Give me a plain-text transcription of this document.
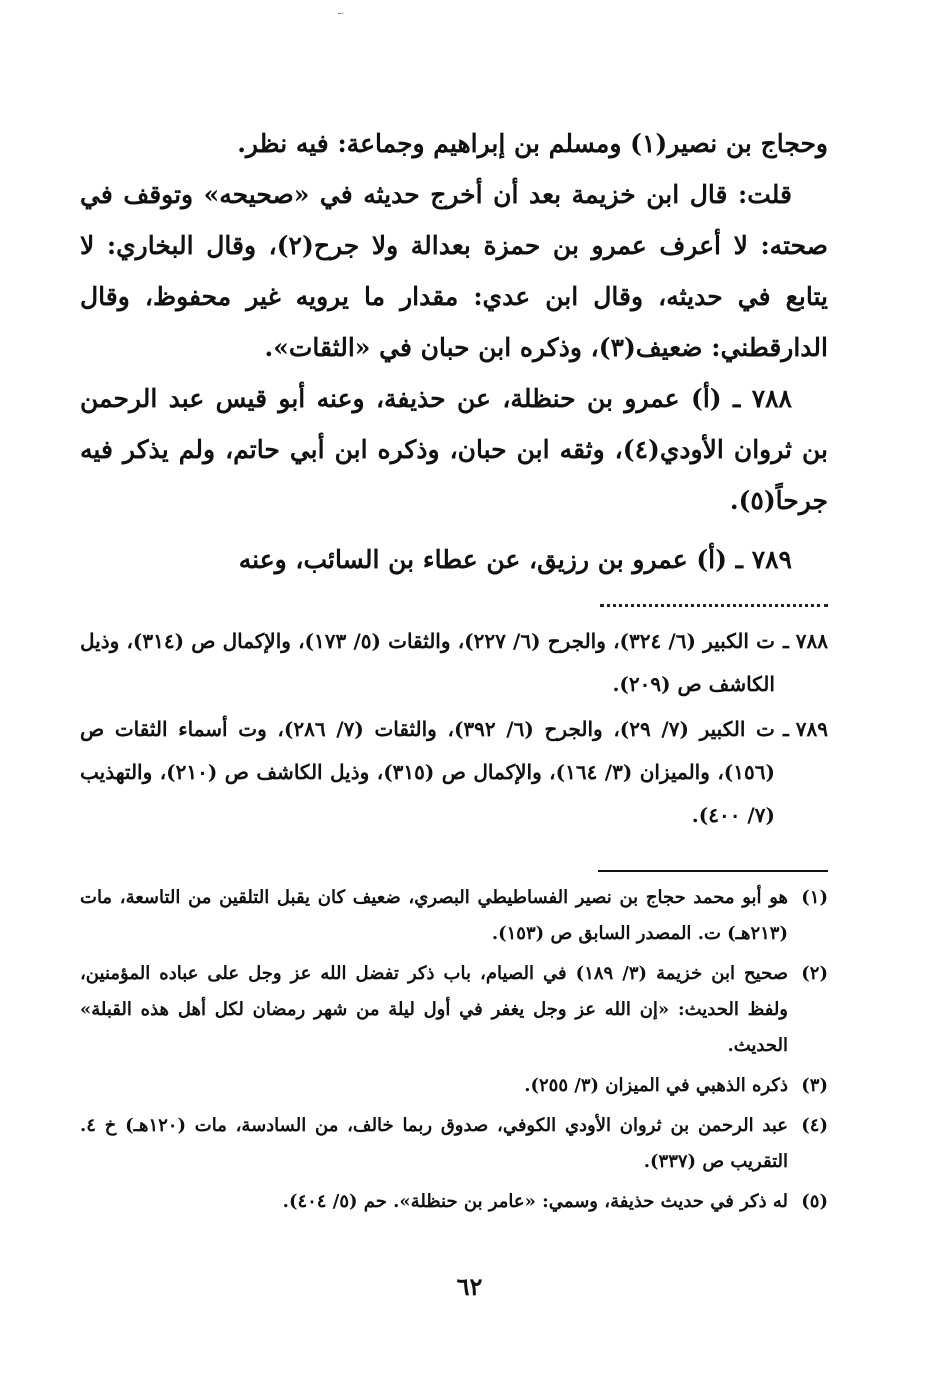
ـ.

وحجاج بن نصير(١) ومسلم بن إبراهيم وجماعة: فيه نظر.

قلت: قال ابن خزيمة بعد أن أخرج حديثه في «صحيحه» وتوقف في صحته: لا أعرف عمرو بن حمزة بعدالة ولا جرح(٢)، وقال البخاري: لا يتابع في حديثه، وقال ابن عدي: مقدار ما يرويه غير محفوظ، وقال الدارقطني: ضعيف(٣)، وذكره ابن حبان في «الثقات».

٧٨٨ ـ (أ) عمرو بن حنظلة، عن حذيفة، وعنه أبو قيس عبد الرحمن بن ثروان الأودي(٤)، وثقه ابن حبان، وذكره ابن أبي حاتم، ولم يذكر فيه جرحاً(٥).

٧٨٩ ـ (أ) عمرو بن رزيق، عن عطاء بن السائب، وعنه

٧٨٨ ـ
ت الكبير (٦/ ٣٢٤)، والجرح (٦/ ٢٢٧)، والثقات (٥/ ١٧٣)، والإكمال ص (٣١٤)، وذيل الكاشف ص (٢٠٩).
٧٨٩ ـ
ت الكبير (٧/ ٢٩)، والجرح (٦/ ٣٩٢)، والثقات (٧/ ٢٨٦)، وت أسماء الثقات ص (١٥٦)، والميزان (٣/ ١٦٤)، والإكمال ص (٣١٥)، وذيل الكاشف ص (٢١٠)، والتهذيب (٧/ ٤٠٠).
(١)
هو أبو محمد حجاج بن نصير الفساطيطي البصري، ضعيف كان يقبل التلقين من التاسعة، مات (٢١٣هـ) ت. المصدر السابق ص (١٥٣).
(٢)
صحيح ابن خزيمة (٣/ ١٨٩) في الصيام، باب ذكر تفضل الله عز وجل على عباده المؤمنين، ولفظ الحديث: «إن الله عز وجل يغفر في أول ليلة من شهر رمضان لكل أهل هذه القبلة» الحديث.
(٣)
ذكره الذهبي في الميزان (٣/ ٢٥٥).
(٤)
عبد الرحمن بن ثروان الأودي الكوفي، صدوق ربما خالف، من السادسة، مات (١٢٠هـ) خ ٤. التقريب ص (٣٣٧).
(٥)
له ذكر في حديث حذيفة، وسمي: «عامر بن حنظلة». حم (٥/ ٤٠٤).
٦٢
